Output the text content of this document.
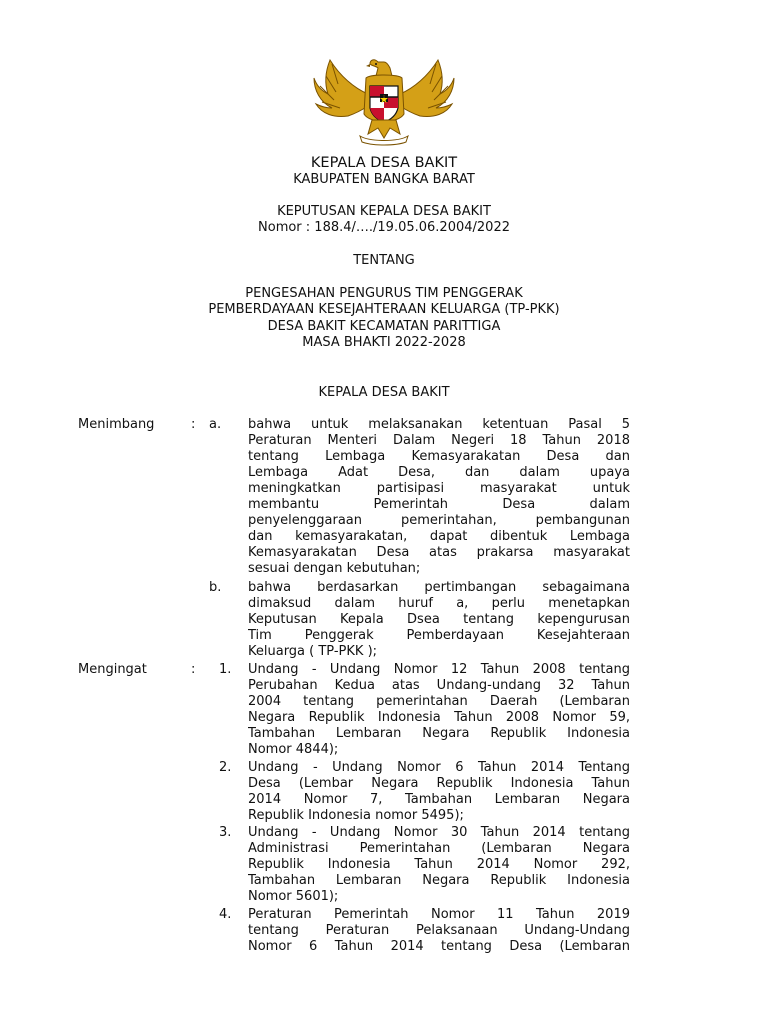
KEPALA DESA BAKIT
KABUPATEN BANGKA BARAT
KEPUTUSAN KEPALA DESA BAKIT
Nomor : 188.4/…./19.05.06.2004/2022
TENTANG
PENGESAHAN PENGURUS TIM PENGGERAK
PEMBERDAYAAN KESEJAHTERAAN KELUARGA (TP-PKK)
DESA BAKIT KECAMATAN PARITTIGA
MASA BHAKTI 2022-2028
KEPALA DESA BAKIT
Menimbang	: a. bahwa untuk melaksanakan ketentuan Pasal 5
Peraturan Menteri Dalam Negeri 18 Tahun 2018
tentang Lembaga Kemasyarakatan Desa dan
Lembaga Adat Desa, dan dalam upaya
meningkatkan partisipasi masyarakat untuk
membantu Pemerintah Desa dalam
penyelenggaraan pemerintahan, pembangunan
dan kemasyarakatan, dapat dibentuk Lembaga
Kemasyarakatan Desa atas prakarsa masyarakat
sesuai dengan kebutuhan;
b. bahwa berdasarkan pertimbangan sebagaimana
dimaksud dalam huruf a, perlu menetapkan
Keputusan Kepala Dsea tentang kepengurusan
Tim Penggerak Pemberdayaan Kesejahteraan
Keluarga ( TP-PKK );
Mengingat	: 1. Undang - Undang Nomor 12 Tahun 2008 tentang
Perubahan Kedua atas Undang-undang 32 Tahun
2004 tentang pemerintahan Daerah (Lembaran
Negara Republik Indonesia Tahun 2008 Nomor 59,
Tambahan Lembaran Negara Republik Indonesia
Nomor 4844);
2. Undang - Undang Nomor 6 Tahun 2014 Tentang
Desa (Lembar Negara Republik Indonesia Tahun
2014 Nomor 7, Tambahan Lembaran Negara
Republik Indonesia nomor 5495);
3. Undang - Undang Nomor 30 Tahun 2014 tentang
Administrasi Pemerintahan (Lembaran Negara
Republik Indonesia Tahun 2014 Nomor 292,
Tambahan Lembaran Negara Republik Indonesia
Nomor 5601);
4. Peraturan Pemerintah Nomor 11 Tahun 2019
tentang Peraturan Pelaksanaan Undang-Undang
Nomor 6 Tahun 2014 tentang Desa (Lembaran
